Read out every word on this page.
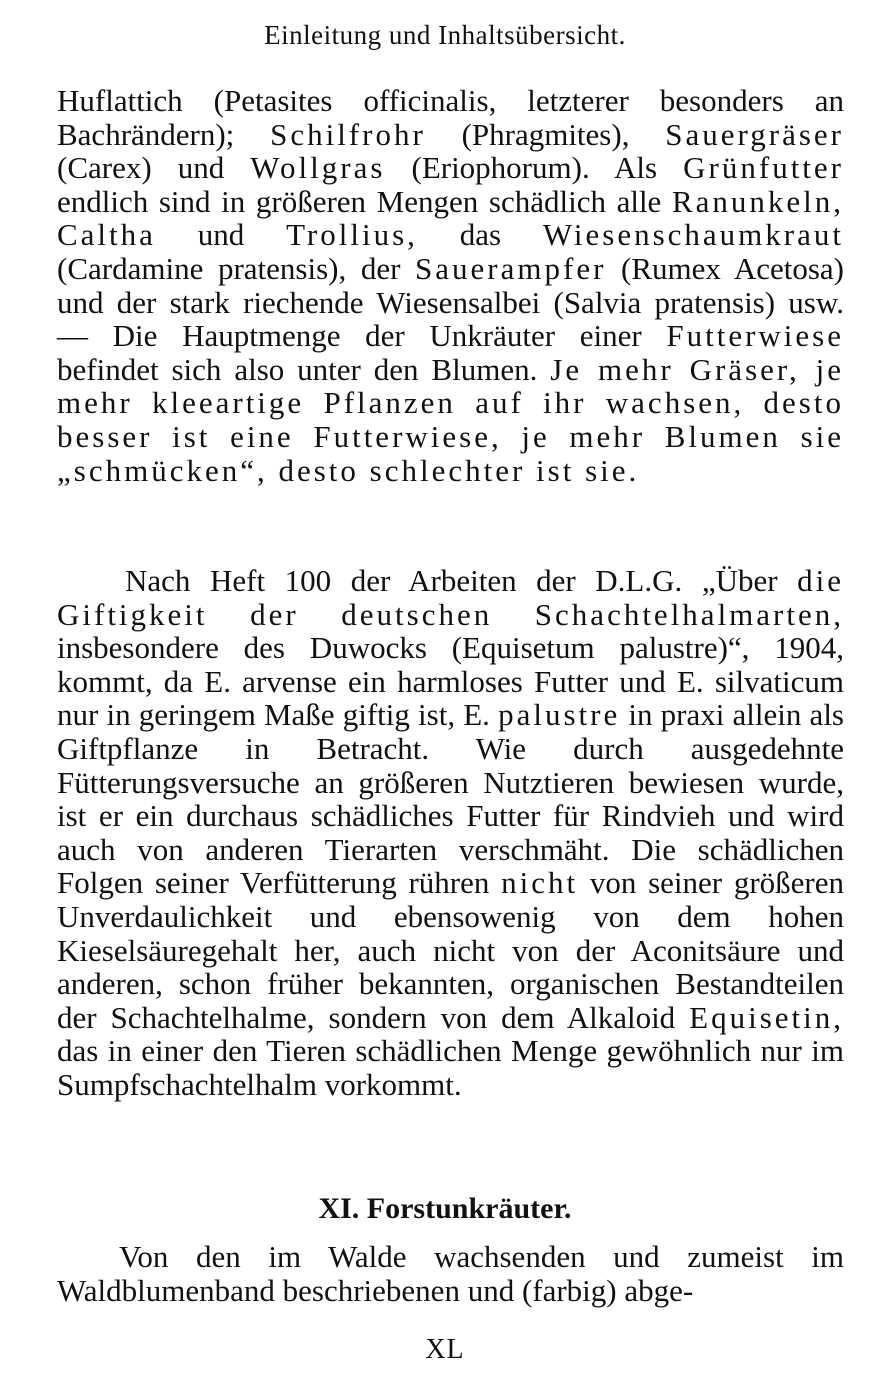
Einleitung und Inhaltsübersicht.

Huflattich (Petasites officinalis, letzterer besonders an Bachrändern); Schilfrohr (Phragmites), Sauergräser (Carex) und Wollgras (Eriophorum). Als Grünfutter endlich sind in größeren Mengen schädlich alle Ranunkeln, Caltha und Trollius, das Wiesenschaumkraut (Cardamine pratensis), der Sauerampfer (Rumex Acetosa) und der stark riechende Wiesensalbei (Salvia pratensis) usw. — Die Hauptmenge der Unkräuter einer Futterwiese befindet sich also unter den Blumen. Je mehr Gräser, je mehr kleeartige Pflanzen auf ihr wachsen, desto besser ist eine Futterwiese, je mehr Blumen sie „schmücken“, desto schlechter ist sie.

Nach Heft 100 der Arbeiten der D.L.G. „Über die Giftigkeit der deutschen Schachtelhalmarten, insbesondere des Duwocks (Equisetum palustre)“, 1904, kommt, da E. arvense ein harmloses Futter und E. silvaticum nur in geringem Maße giftig ist, E. palustre in praxi allein als Giftpflanze in Betracht. Wie durch ausgedehnte Fütterungsversuche an größeren Nutztieren bewiesen wurde, ist er ein durchaus schädliches Futter für Rindvieh und wird auch von anderen Tierarten verschmäht. Die schädlichen Folgen seiner Verfütterung rühren nicht von seiner größeren Unverdaulichkeit und ebensowenig von dem hohen Kieselsäuregehalt her, auch nicht von der Aconitsäure und anderen, schon früher bekannten, organischen Bestandteilen der Schachtelhalme, sondern von dem Alkaloid Equisetin, das in einer den Tieren schädlichen Menge gewöhnlich nur im Sumpfschachtelhalm vorkommt.

XI. Forstunkräuter.

Von den im Walde wachsenden und zumeist im Waldblumenband beschriebenen und (farbig) abge-

XL
